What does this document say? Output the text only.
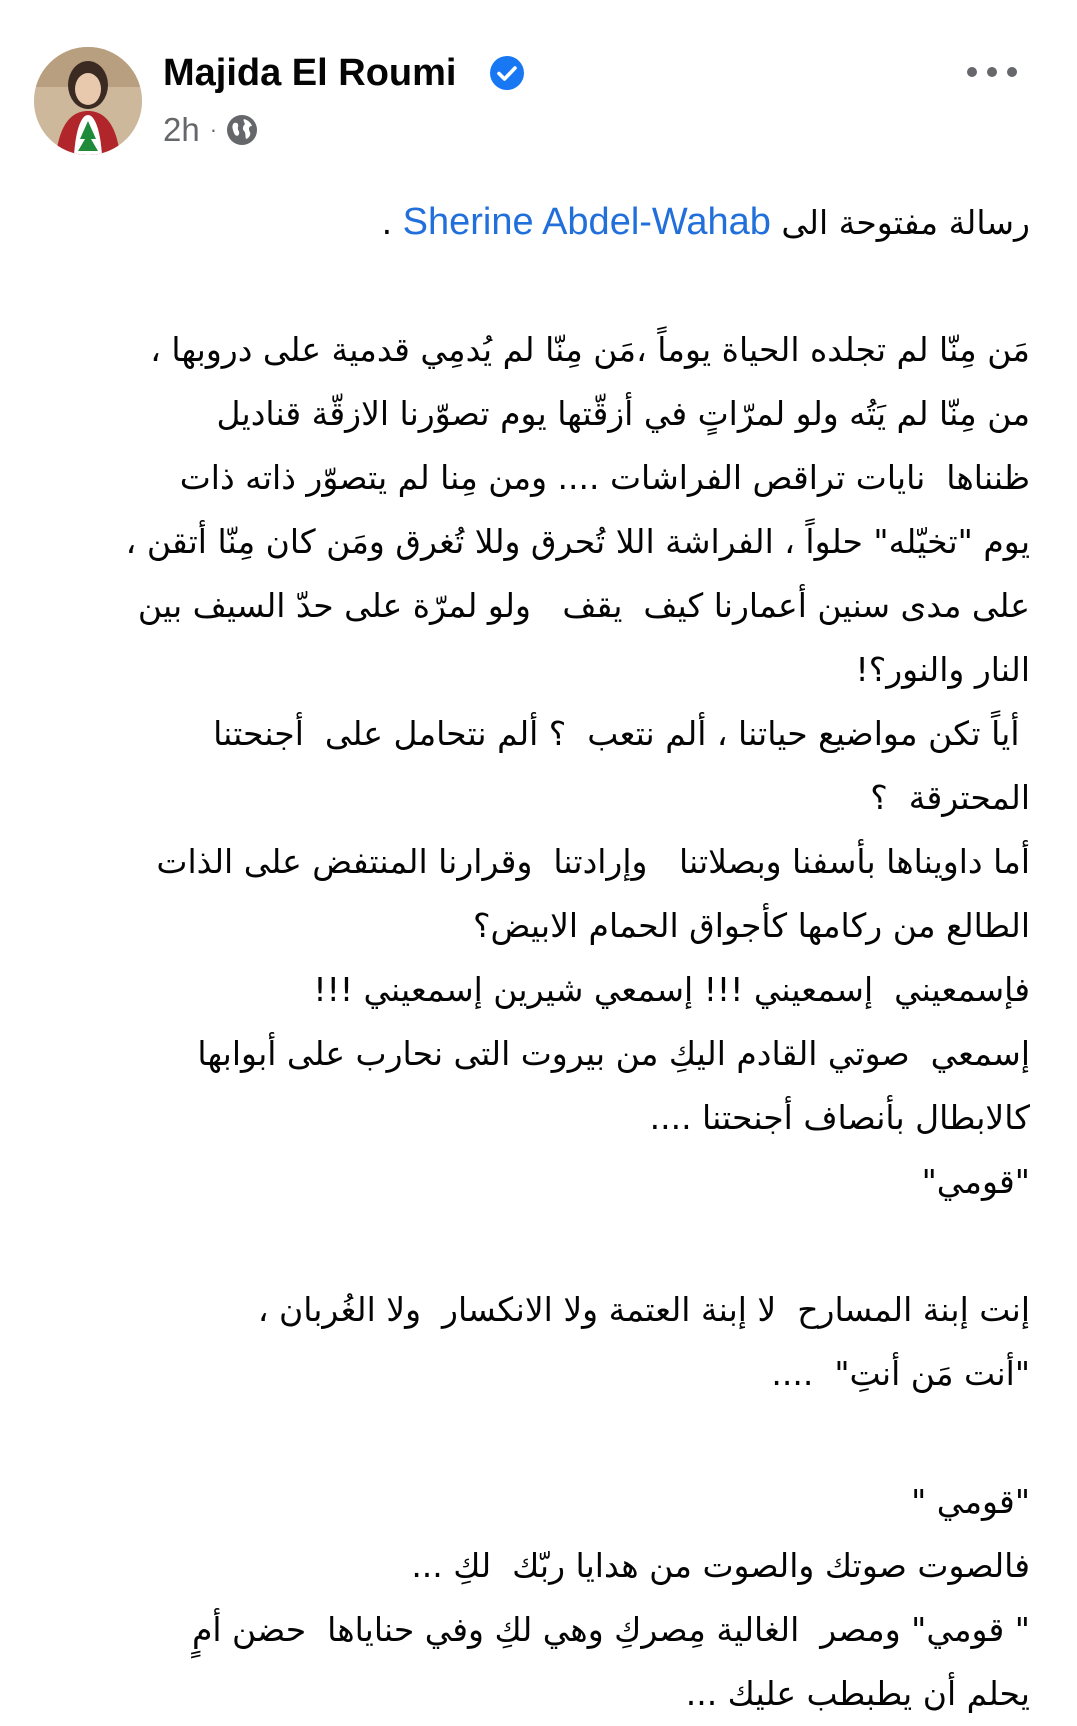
Majida El Roumi
2h ·
رسالة مفتوحة الى Sherine Abdel-Wahab .
مَن مِنّا لم تجلده الحياة يوماً ،مَن مِنّا لم يُدمِي قدمية على دروبها ،
من مِنّا لم يَتُه ولو لمرّاتٍ في أزقّتها يوم تصوّرنا الازقّة قناديل
ظنناها  نايات تراقص الفراشات .... ومن مِنا لم يتصوّر ذاته ذات
يوم "تخيّله" حلواً ، الفراشة اللا تُحرق وللا تُغرق ومَن كان مِنّا أتقن ،
على مدى سنين أعمارنا كيف  يقف   ولو لمرّة على حدّ السيف بين
النار والنور؟!
أياً تكن مواضيع حياتنا ، ألم نتعب  ؟ ألم نتحامل على  أجنحتنا
المحترقة  ؟
أما داويناها بأسفنا وبصلاتنا   وإرادتنا  وقرارنا المنتفض على الذات
الطالع من ركامها كأجواق الحمام الابيض؟
فإسمعيني  إسمعيني !!! إسمعي شيرين إسمعيني !!!
إسمعي  صوتي القادم اليكِ من بيروت التى نحارب على أبوابها
كالابطال بأنصاف أجنحتنا ....
"قومي"
إنت إبنة المسارح  لا إبنة العتمة ولا الانكسار  ولا الغُربان ،
"أنت مَن أنتِ"  ....
"قومي "
فالصوت صوتك والصوت من هدايا ربّك  لكِ ...
" قومي" ومصر  الغالية مِصركِ وهي لكِ وفي حناياها  حضن أمٍ
يحلم أن يطبطب عليك ...
